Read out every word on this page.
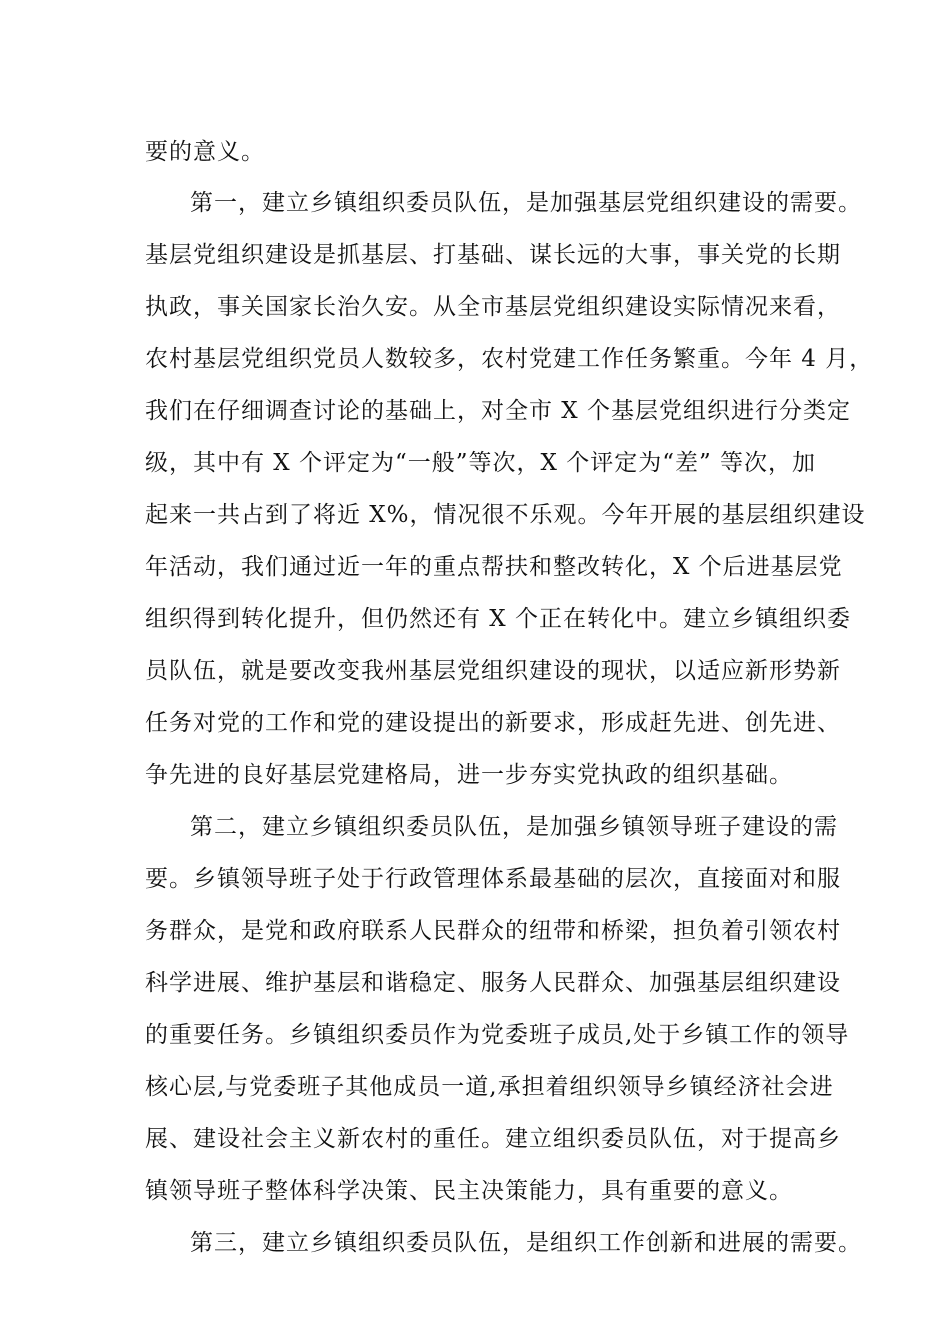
要的意义。
第一，建立乡镇组织委员队伍，是加强基层党组织建设的需要。
基层党组织建设是抓基层、打基础、谋长远的大事，事关党的长期
执政，事关国家长治久安。从全市基层党组织建设实际情况来看，
农村基层党组织党员人数较多，农村党建工作任务繁重。今年 4 月，
我们在仔细调查讨论的基础上，对全市 X 个基层党组织进行分类定
级，其中有 X 个评定为“一般”等次，X 个评定为“差” 等次，加
起来一共占到了将近 X%，情况很不乐观。今年开展的基层组织建设
年活动，我们通过近一年的重点帮扶和整改转化，X 个后进基层党
组织得到转化提升，但仍然还有 X 个正在转化中。建立乡镇组织委
员队伍，就是要改变我州基层党组织建设的现状，以适应新形势新
任务对党的工作和党的建设提出的新要求，形成赶先进、创先进、
争先进的良好基层党建格局，进一步夯实党执政的组织基础。
第二，建立乡镇组织委员队伍，是加强乡镇领导班子建设的需
要。乡镇领导班子处于行政管理体系最基础的层次，直接面对和服
务群众，是党和政府联系人民群众的纽带和桥梁，担负着引领农村
科学进展、维护基层和谐稳定、服务人民群众、加强基层组织建设
的重要任务。乡镇组织委员作为党委班子成员,处于乡镇工作的领导
核心层,与党委班子其他成员一道,承担着组织领导乡镇经济社会进
展、建设社会主义新农村的重任。建立组织委员队伍，对于提高乡
镇领导班子整体科学决策、民主决策能力，具有重要的意义。
第三，建立乡镇组织委员队伍，是组织工作创新和进展的需要。
